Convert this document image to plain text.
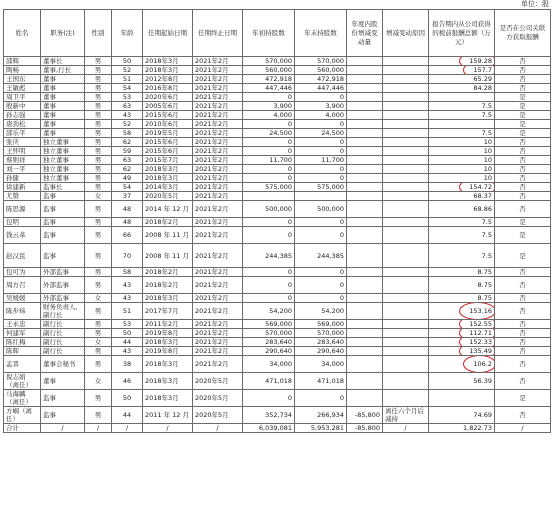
单位：股
姓名	职务(注)	性别	年龄	任期起始日期	任期终止日期	年初持股数	年末持股数	年度内股份增减变动量	增减变动原因	报告期内从公司获得的税前报酬总额（万元）	是否在公司关联方获取报酬
邵辉	董事长	男	50	2018年3月	2021年2月	570,000	570,000			159.28	否
陶畅	董事,行长	男	52	2018年3月	2021年2月	560,000	560,000			157.7	否
王国东	董事	男	51	2012年8月	2021年2月	472,918	472,918			65.29	否
王敏彪	董事	男	54	2016年8月	2021年2月	447,446	447,446			84.28	否
周卫平	董事	男	53	2020年6月	2021年2月	0	0				是
殷新中	董事	男	63	2005年6月	2021年2月	3,900	3,900			7.5	是
孙志强	董事	男	43	2015年6月	2021年2月	4,000	4,000			7.5	是
唐劲松	董事	男	52	2010年6月	2021年2月	0	0				是
邵乐平	董事	男	58	2019年5月	2021年2月	24,500	24,500			7.5	是
张庆	独立董事	男	62	2015年6月	2021年2月	0	0			10	否
王怀明	独立董事	男	59	2015年6月	2021年2月	0	0			10	否
蔡则祥	独立董事	男	63	2015年7月	2021年2月	11,700	11,700			10	否
刘一平	独立董事	男	62	2018年3月	2021年2月	0	0			10	否
孙健	独立董事	男	49	2018年3月	2021年2月	0	0			10	否
徐建新	监事长	男	54	2014年3月	2021年2月	575,000	575,000			154.72	否
尤赞	监事	女	37	2020年5月	2021年2月					68.37	否
陈思源	监事	男	48	2014 年 12 月	2021年2月	500,000	500,000			68.86	否
包明	监事	男	48	2018年2月	2021年2月	0	0			7.5	是
钱云革	监事	男	66	2008 年 11 月	2021年2月	0	0			7.5	是
赵汉民	监事	男	70	2008 年 11 月	2021年2月	244,385	244,385			7.5	是
包可为	外部监事	男	58	2018年2月	2021年2月	0	0			8.75	否
周方召	外部监事	男	43	2018年2月	2021年2月	0	0			8.75	否
吴媛媛	外部监事	女	43	2018年3月	2021年2月	0	0			8.75	否
陈步炜	财务负责人,副行长	男	51	2017年7月	2021年2月	54,200	54,200			153.16	否
王永忠	副行长	男	53	2011年2月	2021年2月	569,000	569,000			152.55	否
何建军	副行长	男	50	2019年8月	2021年2月	570,000	570,000			112.71	否
陈红梅	副行长	女	44	2018年3月	2021年2月	283,640	283,640			152.33	否
陈晖	副行长	男	43	2019年8月	2021年2月	290,640	290,640			135.49	否
孟晋	董事会秘书	男	38	2018年3月	2021年2月	34,000	34,000			106.2	否
倪志娟（离任）	董事	女	46	2018年3月	2020年5月	471,018	471,018			56.39	否
马海麟（离任）	监事	男	50	2018年3月	2020年5月	0	0				是
方峒（离任）	监事	男	44	2011 年 12 月	2020年5月	352,734	266,934	-85,800	离任六个月后减持	74.69	否
合计	/	/	/	/	/	6,039,081	5,953,281	-85,800	/	1,822.73	/
